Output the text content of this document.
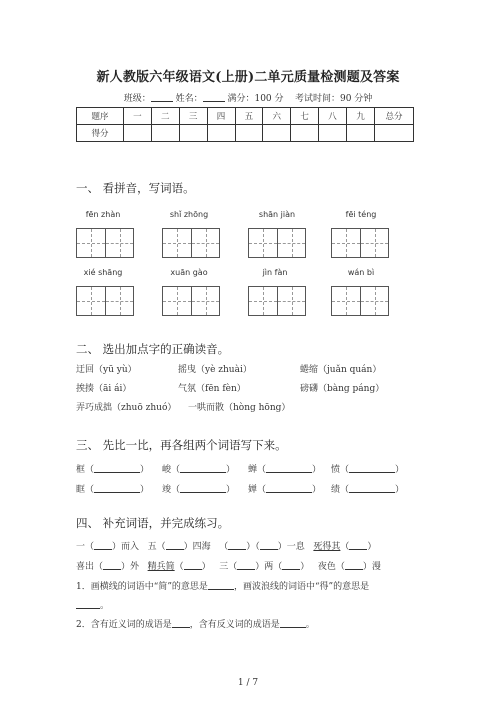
新人教版六年级语文(上册)二单元质量检测题及答案
班级：	姓名：	满分：100 分 考试时间：90 分钟
题序	一	二	三	四	五	六	七	八	九	总分
得分										
一、 看拼音，写词语。
fēn zhàn	shǐ zhōng	shān jiàn	fēi téng
xié shāng	xuān gào	jìn fàn	wán bì
二、 选出加点字的正确读音。
迂回（yū yù）	摇曳（yè zhuài）	蜷缩（juǎn quán）
挨揍（āi ái）	气氛（fēn fèn）	磅礴（bàng páng）
弄巧成拙（zhuō zhuó） 一哄而散（hòng hōng）
三、 先比一比，再各组两个词语写下来。
框（	） 峻（	） 蝉（	） 愤（	）
眶（	） 竣（	） 婵（	） 绩（	）
四、 补充词语，并完成练习。
一（ ）而入 五（ ）四海 （ ）（ ）一息 死得其（ ）
喜出（ ）外 精兵简（ ） 三（ ）两（ ） 夜色（ ）漫
1．画横线的词语中“简”的意思是	，画波浪线的词语中“得”的意思是
。
2．含有近义词的成语是 ，含有反义词的成语是	。
1 / 7
